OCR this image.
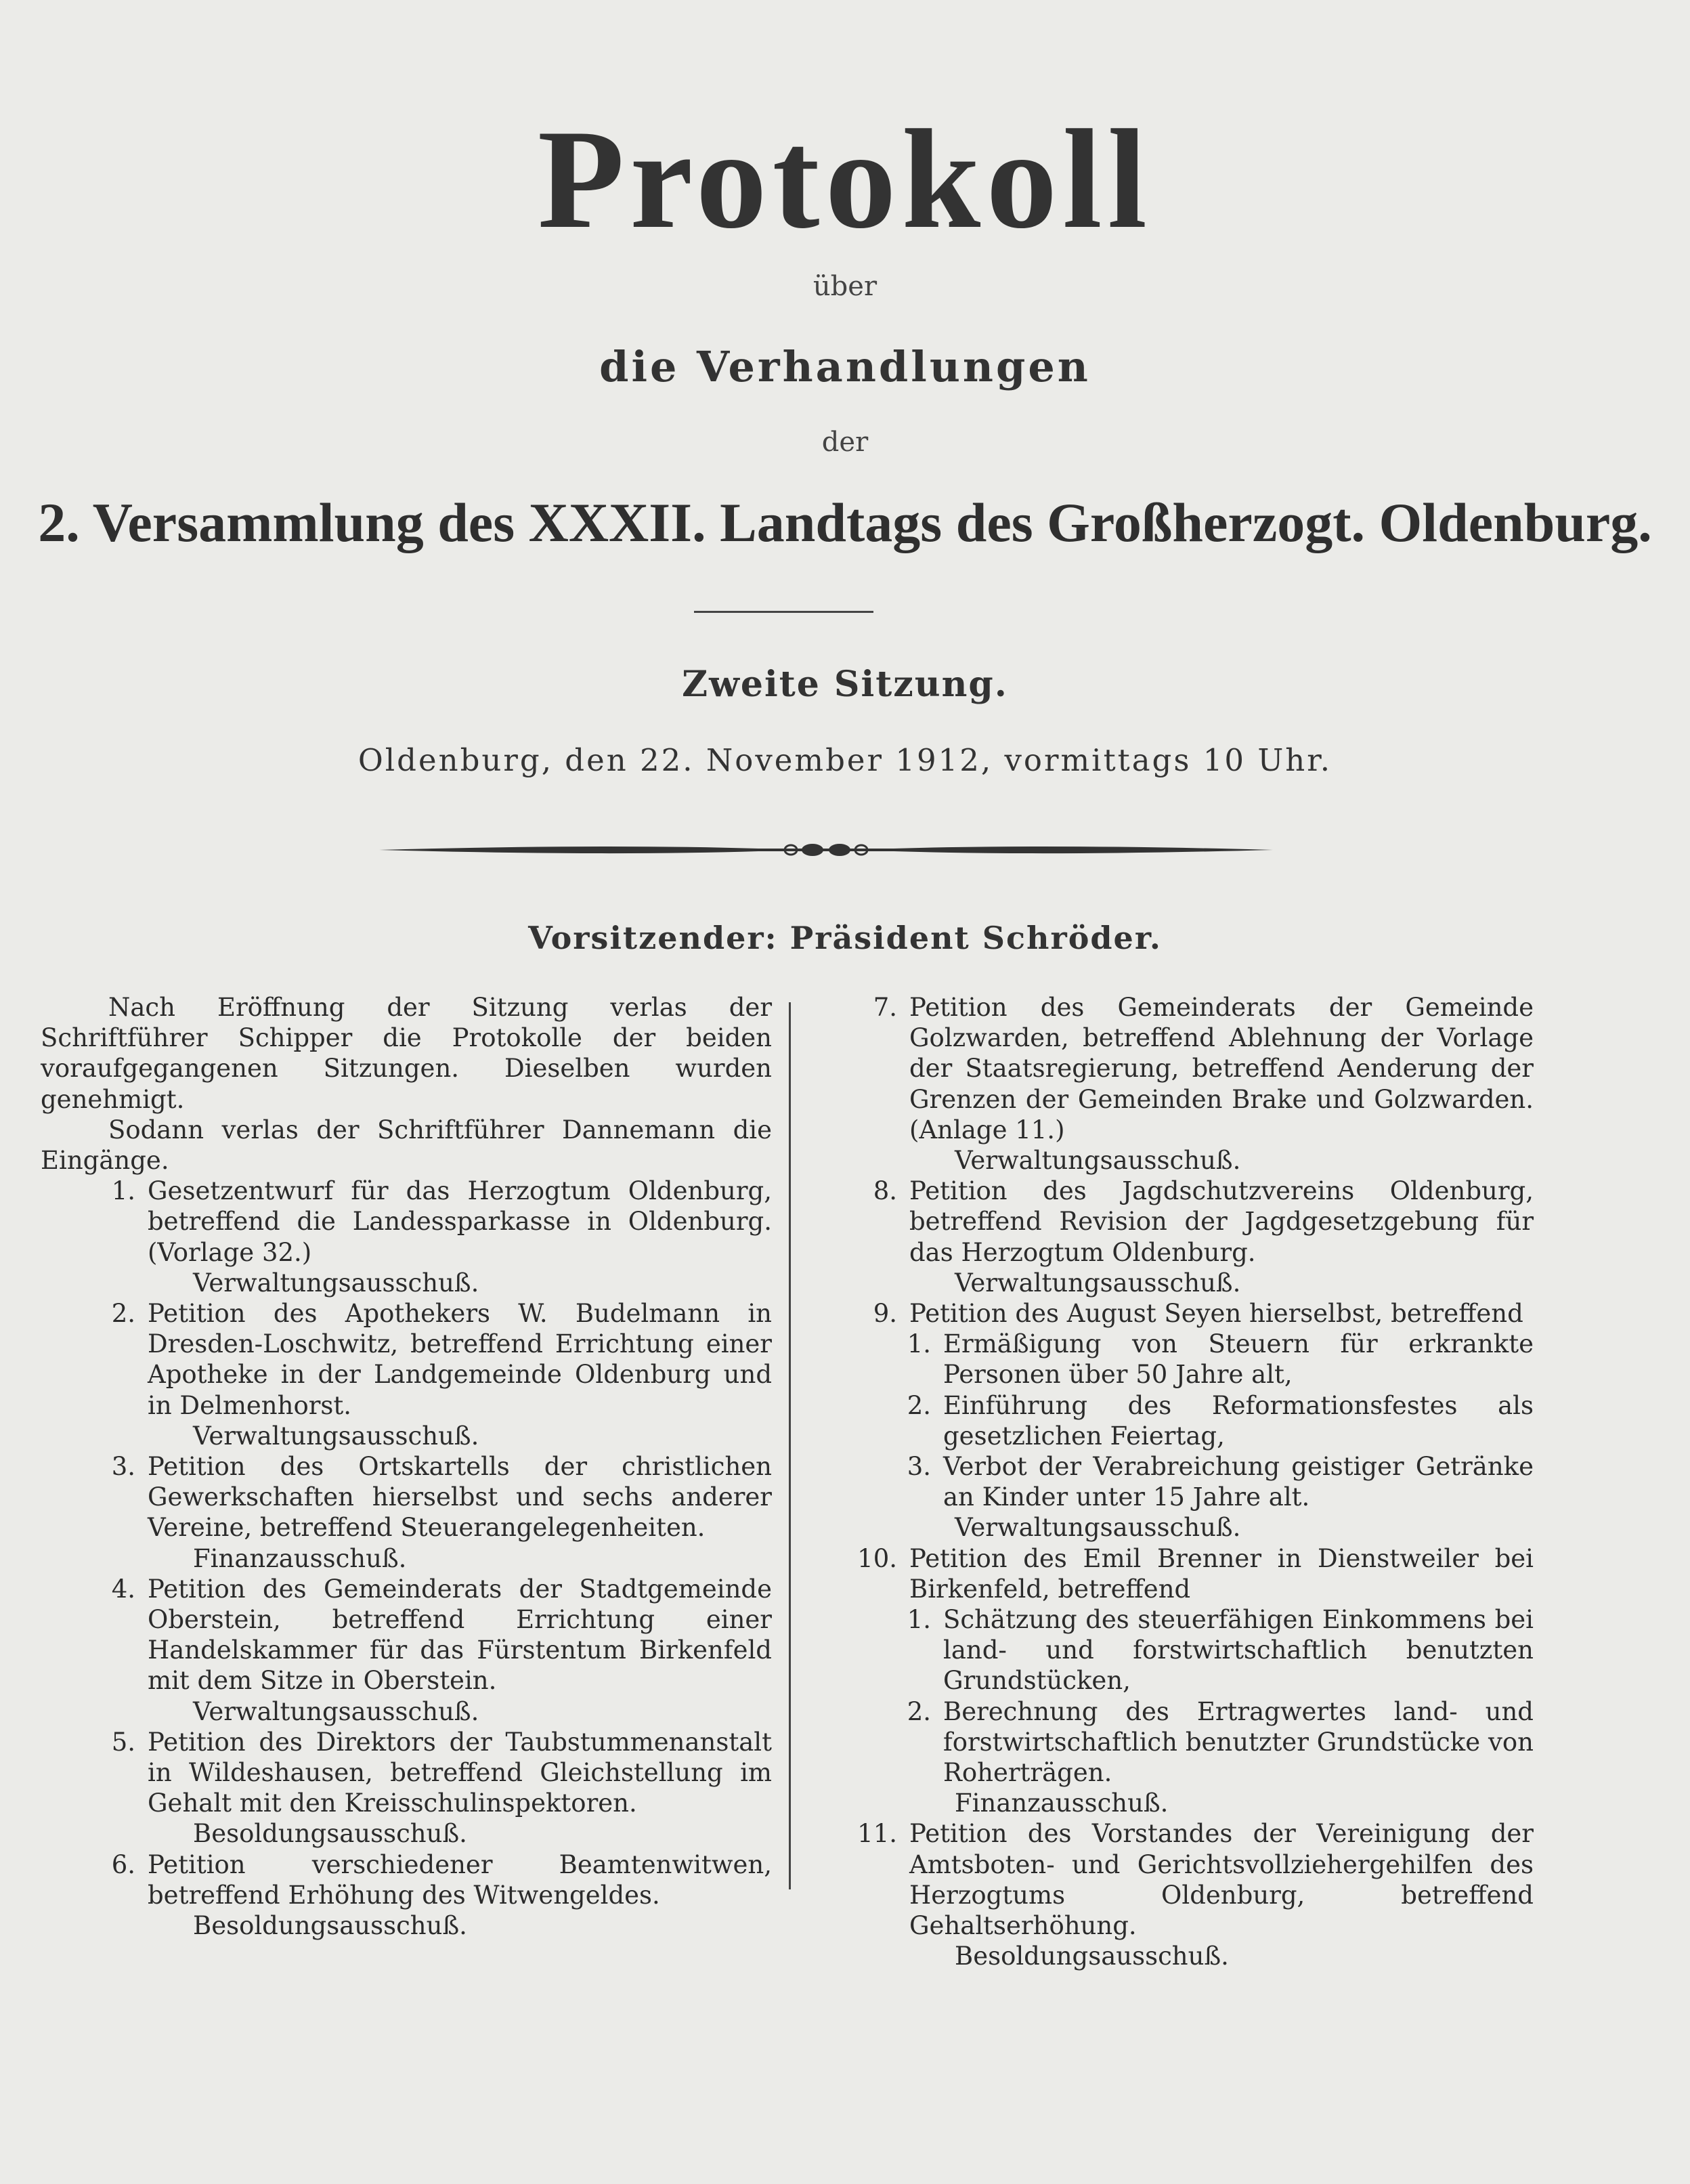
Protokoll
über
die Verhandlungen
der
2. Versammlung des XXXII. Landtags des Großherzogt. Oldenburg.
Zweite Sitzung.
Oldenburg, den 22. November 1912, vormittags 10 Uhr.
Vorsitzender: Präsident Schröder.

Nach Eröffnung der Sitzung verlas der Schriftführer Schipper die Protokolle der beiden voraufgegangenen Sitzungen. Dieselben wurden genehmigt.

Sodann verlas der Schriftführer Dannemann die Eingänge.

1. Gesetzentwurf für das Herzogtum Oldenburg, betreffend die Landessparkasse in Oldenburg. (Vorlage 32.)
Verwaltungsausschuß.
2. Petition des Apothekers W. Budelmann in Dresden-Loschwitz, betreffend Errichtung einer Apotheke in der Landgemeinde Oldenburg und in Delmenhorst.
Verwaltungsausschuß.
3. Petition des Ortskartells der christlichen Gewerkschaften hierselbst und sechs anderer Vereine, betreffend Steuerangelegenheiten.
Finanzausschuß.
4. Petition des Gemeinderats der Stadtgemeinde Oberstein, betreffend Errichtung einer Handelskammer für das Fürstentum Birkenfeld mit dem Sitze in Oberstein.
Verwaltungsausschuß.
5. Petition des Direktors der Taubstummenanstalt in Wildeshausen, betreffend Gleichstellung im Gehalt mit den Kreisschulinspektoren.
Besoldungsausschuß.
6. Petition verschiedener Beamtenwitwen, betreffend Erhöhung des Witwengeldes.
Besoldungsausschuß.
7. Petition des Gemeinderats der Gemeinde Golzwarden, betreffend Ablehnung der Vorlage der Staatsregierung, betreffend Aenderung der Grenzen der Gemeinden Brake und Golzwarden. (Anlage 11.)
Verwaltungsausschuß.
8. Petition des Jagdschutzvereins Oldenburg, betreffend Revision der Jagdgesetzgebung für das Herzogtum Oldenburg.
Verwaltungsausschuß.
9. Petition des August Seyen hierselbst, betreffend
1. Ermäßigung von Steuern für erkrankte Personen über 50 Jahre alt,
2. Einführung des Reformationsfestes als gesetzlichen Feiertag,
3. Verbot der Verabreichung geistiger Getränke an Kinder unter 15 Jahre alt.
Verwaltungsausschuß.
10. Petition des Emil Brenner in Dienstweiler bei Birkenfeld, betreffend
1. Schätzung des steuerfähigen Einkommens bei land- und forstwirtschaftlich benutzten Grundstücken,
2. Berechnung des Ertragwertes land- und forstwirtschaftlich benutzter Grundstücke von Roherträgen.
Finanzausschuß.
11. Petition des Vorstandes der Vereinigung der Amtsboten- und Gerichtsvollziehergehilfen des Herzogtums Oldenburg, betreffend Gehaltserhöhung.
Besoldungsausschuß.
